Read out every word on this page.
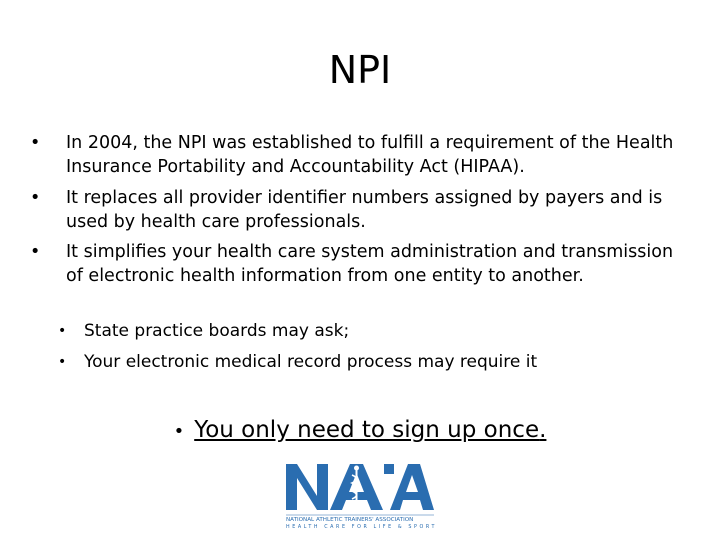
NPI
• In 2004, the NPI was established to fulfill a requirement of the Health Insurance Portability and Accountability Act (HIPAA).
• It replaces all provider identifier numbers assigned by payers and is used by health care professionals.
• It simplifies your health care system administration and transmission of electronic health information from one entity to another.
• State practice boards may ask;
• Your electronic medical record process may require it
• You only need to sign up once.
NATIONAL ATHLETIC TRAINERS' ASSOCIATION
HEALTH CARE FOR LIFE & SPORT
